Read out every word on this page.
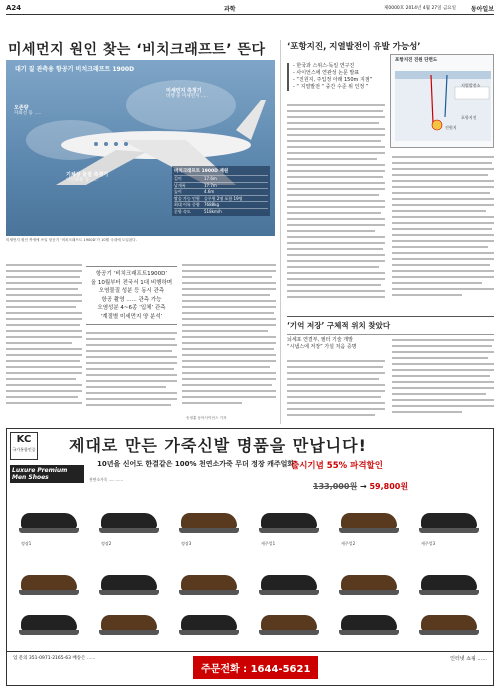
A24	과학	제0000호 2014년 4월 27일 금요일 동아일보
미세먼지 원인 찾는 ‘비치크래프트’ 뜬다
대기 질 관측용 항공기 비치크래프트 1900D
오존량
자외선 등 .....
미세먼지 측정기
비행 중 미세먼지 .....
기체상 물질 측정기
이산화황 등 .....
비치크래프트 1900D 제원
길이	17.6m
날개폭	17.7m
높이	4.6m
탑승 가능 인원	승무원 2명 포함 19명
최대 이륙 중량	7688kg
순항 속도	518km/h
미세먼지 원인 측정에 쓰일 항공기 ‘비치크래프트 1900D’가 10월 국내에 도입된다.
항공기 ‘비치크래프트1900D’
올 10월부터 전국서 1대 비행하며
오염물질 성분 등 동시 관측
항공 촬영 ...... 관측 가능
오염성분 4~6종 ‘입체’ 관측
‘계절별 미세먼지 양 분석’
송정훈 동아사이언스 기자
‘포항지진, 지열발전이 유발 가능성’
- 한국과 스위스·독일 연구진
- 사이언스에 연관성 논문 발표
- “진원지, 주입정 아래 150m 지점”
- “ 지열발전 “ 중간 수준 위 인정 ”
포항지진 진원 단면도
지열발전소
진원지
포항지진
‘기억 저장’ 구체적 위치 찾았다
뇌세포 연결부, 필터 기술 개발
“시냅스에 저장” 가설 처음 증명
KC
국가통합인증 제대로 만든 가죽신발 명품을 만납니다!
10년을 신어도 한결같은 100% 천연소가죽 무더 정장 캐주얼화
출시기념 55% 파격할인
Luxure Premium Men Shoes	천연소가죽 ..... ......
133,000원 → 59,800원
정장1	정장2	정장3	캐주얼1	캐주얼2	캐주얼3
업 문의 351-0971-2165-63 배송은 ......
주문전화 : 1644-5621
인터넷 쇼핑 ......
